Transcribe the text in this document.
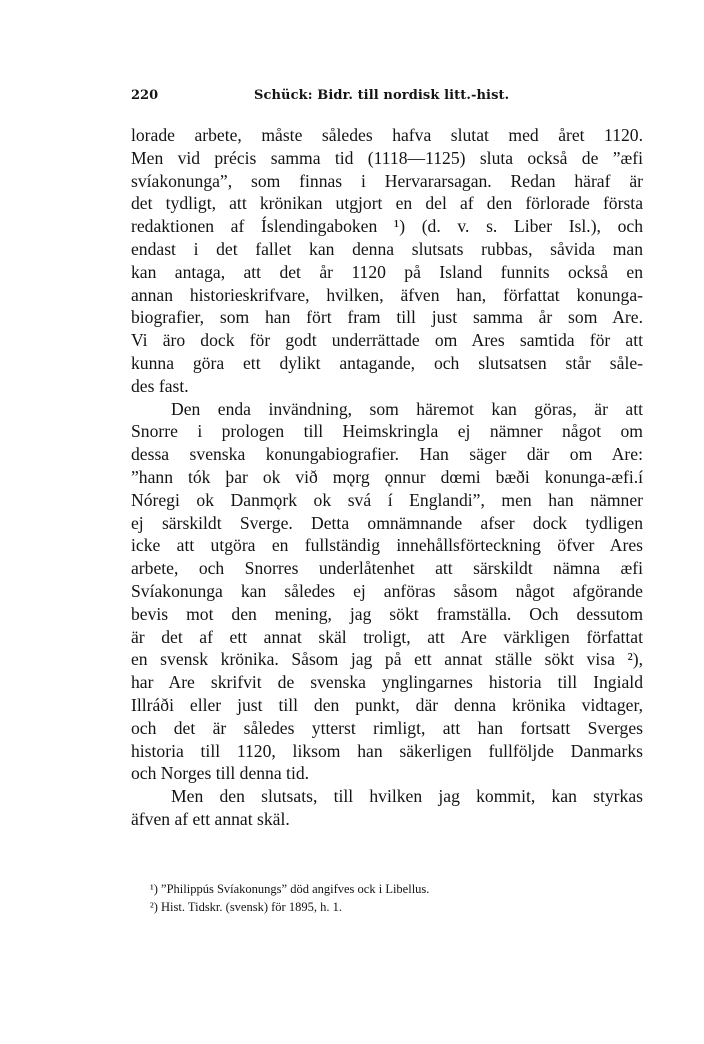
220	Schück: Bidr. till nordisk litt.-hist.
lorade arbete, måste således hafva slutat med året 1120.
Men vid précis samma tid (1118—1125) sluta också de ”æfi
svíakonunga”, som finnas i Hervararsagan. Redan häraf är
det tydligt, att krönikan utgjort en del af den förlorade första
redaktionen af Íslendingaboken ¹) (d. v. s. Liber Isl.), och
endast i det fallet kan denna slutsats rubbas, såvida man
kan antaga, att det år 1120 på Island funnits också en
annan historieskrifvare, hvilken, äfven han, författat konunga-
biografier, som han fört fram till just samma år som Are.
Vi äro dock för godt underrättade om Ares samtida för att
kunna göra ett dylikt antagande, och slutsatsen står såle-
des fast.
Den enda invändning, som häremot kan göras, är att
Snorre i prologen till Heimskringla ej nämner något om
dessa svenska konungabiografier. Han säger där om Are:
”hann tók þar ok við mǫrg ǫnnur dœmi bæði konunga-æfi.í
Nóregi ok Danmǫrk ok svá í Englandi”, men han nämner
ej särskildt Sverge. Detta omnämnande afser dock tydligen
icke att utgöra en fullständig innehållsförteckning öfver Ares
arbete, och Snorres underlåtenhet att särskildt nämna æfi
Svíakonunga kan således ej anföras såsom något afgörande
bevis mot den mening, jag sökt framställa. Och dessutom
är det af ett annat skäl troligt, att Are värkligen författat
en svensk krönika. Såsom jag på ett annat ställe sökt visa ²),
har Are skrifvit de svenska ynglingarnes historia till Ingiald
Illráði eller just till den punkt, där denna krönika vidtager,
och det är således ytterst rimligt, att han fortsatt Sverges
historia till 1120, liksom han säkerligen fullföljde Danmarks
och Norges till denna tid.
Men den slutsats, till hvilken jag kommit, kan styrkas
äfven af ett annat skäl.
¹) ”Philippús Svíakonungs” död angifves ock i Libellus.
²) Hist. Tidskr. (svensk) för 1895, h. 1.
